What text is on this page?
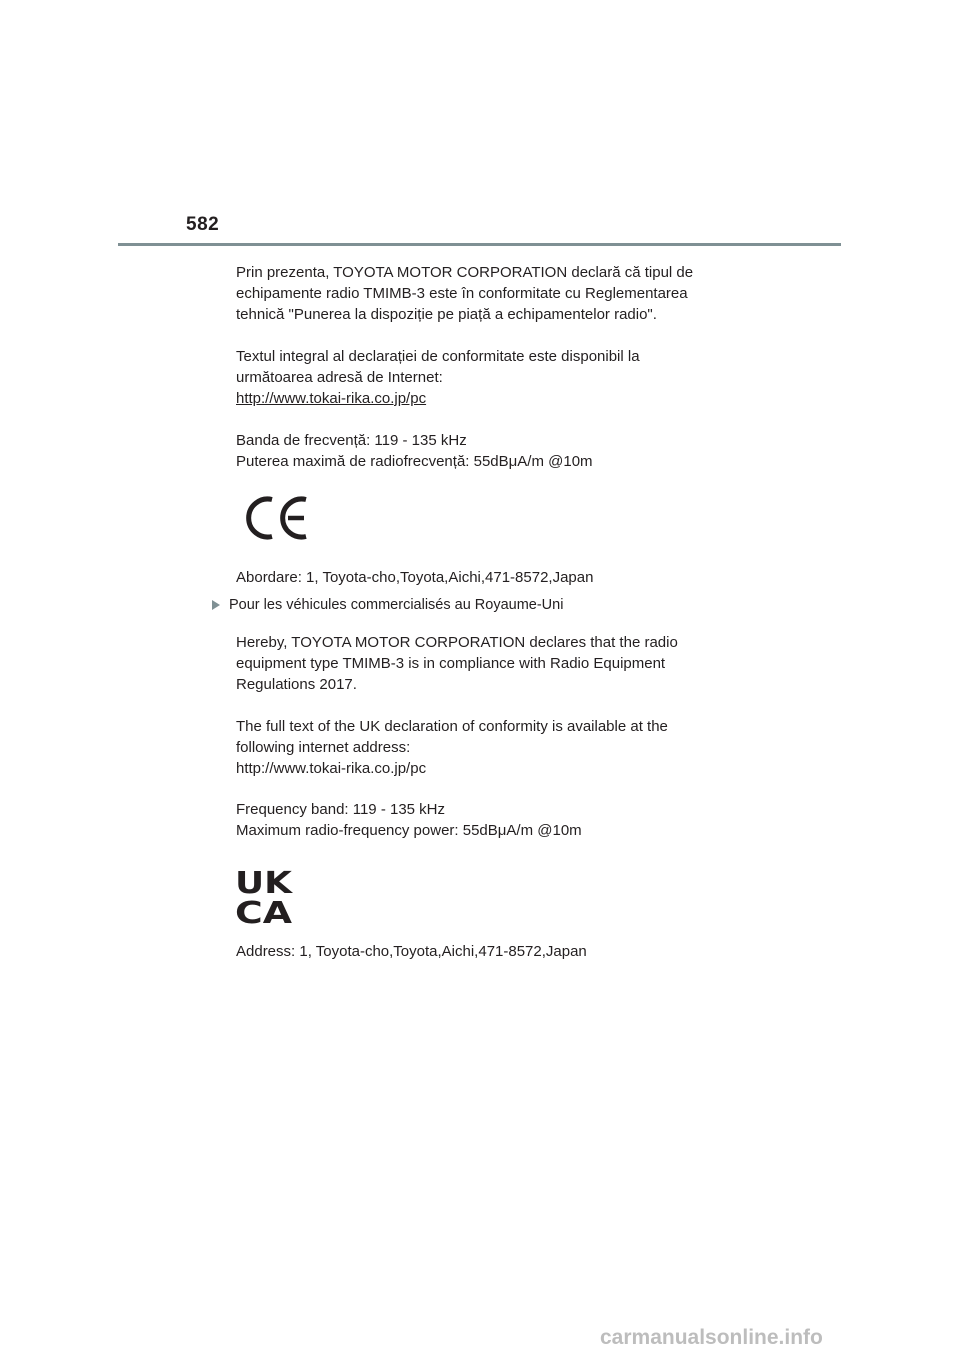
582

Prin prezenta, TOYOTA MOTOR CORPORATION declară că tipul de

echipamente radio TMIMB-3 este în conformitate cu Reglementarea

tehnică "Punerea la dispoziție pe piață a echipamentelor radio".

Textul integral al declarației de conformitate este disponibil la

următoarea adresă de Internet:

http://www.tokai-rika.co.jp/pc

Banda de frecvență: 119 - 135 kHz

Puterea maximă de radiofrecvență: 55dBμA/m @10m

Abordare: 1, Toyota-cho,Toyota,Aichi,471-8572,Japan

Pour les véhicules commercialisés au Royaume-Uni

Hereby, TOYOTA MOTOR CORPORATION declares that the radio

equipment type TMIMB-3 is in compliance with Radio Equipment

Regulations 2017.

The full text of the UK declaration of conformity is available at the

following internet address:

http://www.tokai-rika.co.jp/pc

Frequency band: 119 - 135 kHz

Maximum radio-frequency power: 55dBμA/m @10m

UK
CA

Address: 1, Toyota-cho,Toyota,Aichi,471-8572,Japan

carmanualsonline.info
